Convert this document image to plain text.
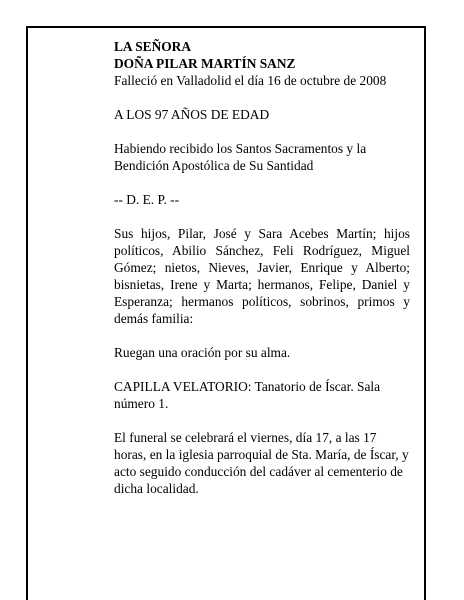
LA SEÑORA

DOÑA PILAR MARTÍN SANZ

Falleció en Valladolid el día 16 de octubre de 2008

A LOS 97 AÑOS DE EDAD

Habiendo recibido los Santos Sacramentos y la Bendición Apostólica de Su Santidad

-- D. E. P. --

Sus hijos, Pilar, José y Sara Acebes Martín; hijos políticos, Abilio Sánchez, Feli Rodríguez, Miguel Gómez; nietos, Nieves, Javier, Enrique y Alberto; bisnietas, Irene y Marta; hermanos, Felipe, Daniel y Esperanza; hermanos políticos, sobrinos, primos y demás familia:

Ruegan una oración por su alma.

CAPILLA VELATORIO: Tanatorio de Íscar. Sala número 1.

El funeral se celebrará el viernes, día 17, a las 17 horas, en la iglesia parroquial de Sta. María, de Íscar, y acto seguido conducción del cadáver al cementerio de dicha localidad.
